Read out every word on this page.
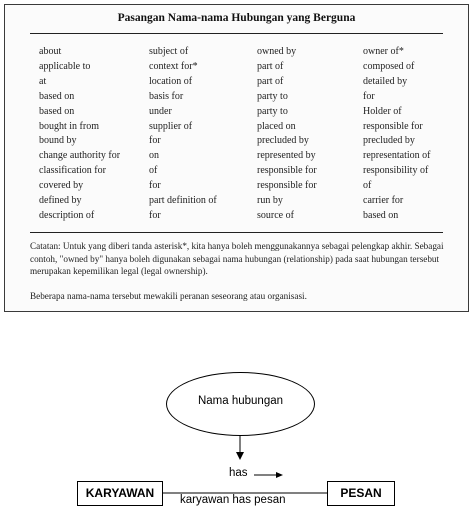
Pasangan Nama-nama Hubungan yang Berguna
about
applicable to
at
based on
based on
bought in from
bound by
change authority for
classification for
covered by
defined by
description of
subject of
context for*
location of
basis for
under
supplier of
for
on
of
for
part definition of
for
owned by
part of
part of
party to
party to
placed on
precluded by
represented by
responsible for
responsible for
run by
source of
owner of*
composed of
detailed by
for
Holder of
responsible for
precluded by
representation of
responsibility of
of
carrier for
based on
Catatan: Untuk yang diberi tanda asterisk*, kita hanya boleh menggunakannya sebagai pelengkap akhir. Sebagai contoh, "owned by" hanya boleh digunakan sebagai nama hubungan (relationship) pada saat hubungan tersebut merupakan kepemilikan legal (legal ownership).
Beberapa nama-nama tersebut mewakili peranan seseorang atau organisasi.
Nama hubungan
KARYAWAN	PESAN
has
karyawan has pesan
